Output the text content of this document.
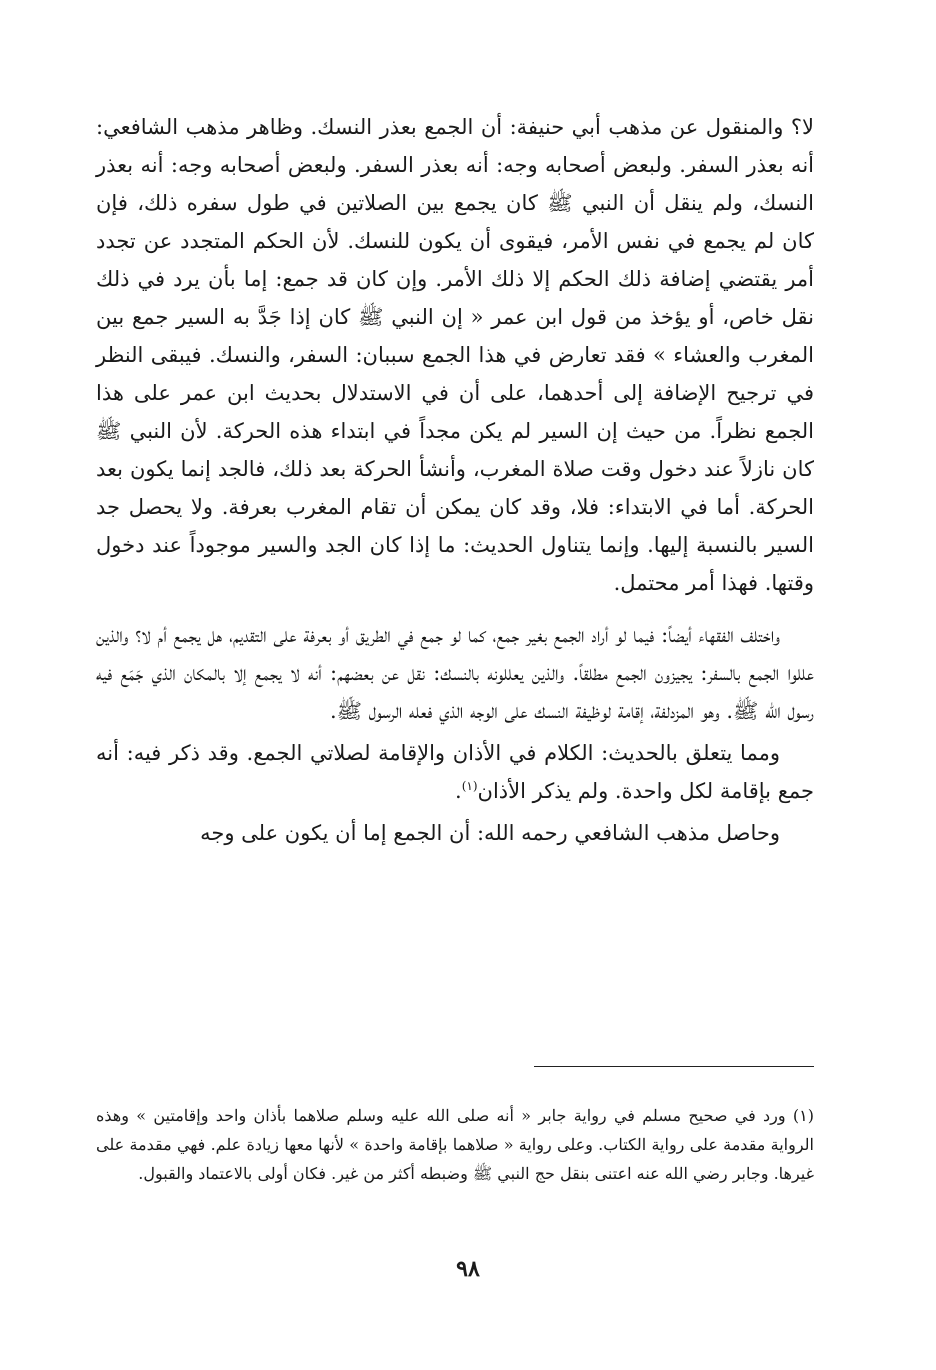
لا؟ والمنقول عن مذهب أبي حنيفة: أن الجمع بعذر النسك. وظاهر مذهب الشافعي: أنه بعذر السفر. ولبعض أصحابه وجه: أنه بعذر السفر. ولبعض أصحابه وجه: أنه بعذر النسك، ولم ينقل أن النبي ﷺ كان يجمع بين الصلاتين في طول سفره ذلك، فإن كان لم يجمع في نفس الأمر، فيقوى أن يكون للنسك. لأن الحكم المتجدد عن تجدد أمر يقتضي إضافة ذلك الحكم إلا ذلك الأمر. وإن كان قد جمع: إما بأن يرد في ذلك نقل خاص، أو يؤخذ من قول ابن عمر « إن النبي ﷺ كان إذا جَدَّ به السير جمع بين المغرب والعشاء » فقد تعارض في هذا الجمع سببان: السفر، والنسك. فيبقى النظر في ترجيح الإضافة إلى أحدهما، على أن في الاستدلال بحديث ابن عمر على هذا الجمع نظراً. من حيث إن السير لم يكن مجداً في ابتداء هذه الحركة. لأن النبي ﷺ كان نازلاً عند دخول وقت صلاة المغرب، وأنشأ الحركة بعد ذلك، فالجد إنما يكون بعد الحركة. أما في الابتداء: فلا، وقد كان يمكن أن تقام المغرب بعرفة. ولا يحصل جد السير بالنسبة إليها. وإنما يتناول الحديث: ما إذا كان الجد والسير موجوداً عند دخول وقتها. فهذا أمر محتمل.

واختلف الفقهاء أيضاً: فيما لو أراد الجمع بغير جمع، كما لو جمع في الطريق أو بعرفة على التقديم، هل يجمع أم لا؟ والذين عللوا الجمع بالسفر: يجيزون الجمع مطلقاً. والذين يعللونه بالنسك: نقل عن بعضهم: أنه لا يجمع إلا بالمكان الذي جَمَع فيه رسول الله ﷺ. وهو المزدلفة، إقامة لوظيفة النسك على الوجه الذي فعله الرسول ﷺ.

ومما يتعلق بالحديث: الكلام في الأذان والإقامة لصلاتي الجمع. وقد ذكر فيه: أنه جمع بإقامة لكل واحدة. ولم يذكر الأذان$^{(١)}$.

وحاصل مذهب الشافعي رحمه الله: أن الجمع إما أن يكون على وجه

(١) ورد في صحيح مسلم في رواية جابر « أنه صلى الله عليه وسلم صلاهما بأذان واحد وإقامتين » وهذه الرواية مقدمة على رواية الكتاب. وعلى رواية « صلاهما بإقامة واحدة » لأنها معها زيادة علم. فهي مقدمة على غيرها. وجابر رضي الله عنه اعتنى بنقل حج النبي ﷺ وضبطه أكثر من غير. فكان أولى بالاعتماد والقبول.

٩٨
